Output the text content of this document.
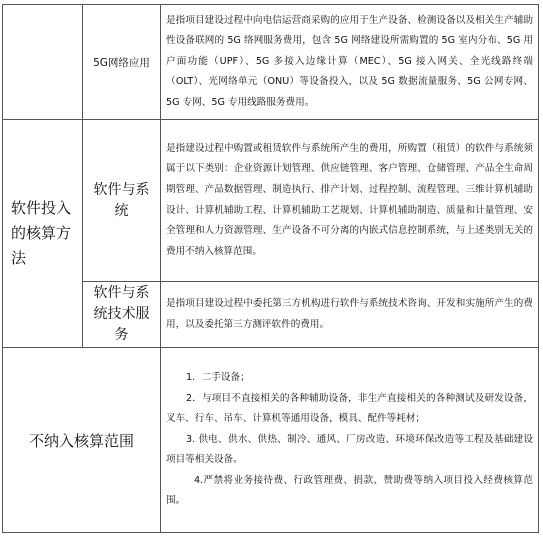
	5G网络应用	是指项目建设过程中向电信运营商采购的应用于生产设备、检测设备以及相关生产辅助性设备联网的 5G 络网服务费用，包含 5G 网络建设所需购置的 5G 室内分布、5G 用户面功能（UPF）、5G 多接入边缘计算（MEC）、5G 接入网关、全光线路终端（OLT）、光网络单元（ONU）等设备投入，以及 5G 数据流量服务、5G 公网专网、5G 专网、5G 专用线路服务费用。

软件投入的核算方法	软件与系统	是指建设过程中购置或租赁软件与系统所产生的费用，所购置（租赁）的软件与系统须属于以下类别：企业资源计划管理、供应链管理、客户管理、仓储管理、产品全生命周期管理、产品数据管理、制造执行、排产计划、过程控制、流程管理、三维计算机辅助设计、计算机辅助工程、计算机辅助工艺规划、计算机辅助制造、质量和计量管理、安全管理和人力资源管理、生产设备不可分离的内嵌式信息控制系统，与上述类别无关的费用不纳入核算范围。

	软件与系统技术服务	是指项目建设过程中委托第三方机构进行软件与系统技术咨询、开发和实施所产生的费用，以及委托第三方测评软件的费用。

不纳入核算范围		1．二手设备；

2．与项目不直接相关的各种辅助设备，非生产直接相关的各种测试及研发设备，叉车、行车、吊车、计算机等通用设备，模具、配件等耗材；

3. 供电、供水、供热、制冷、通风、厂房改造、环境环保改造等工程及基础建设项目等相关设备。

4.严禁将业务接待费、行政管理费、捐款、赞助费等纳入项目投入经费核算范围。
